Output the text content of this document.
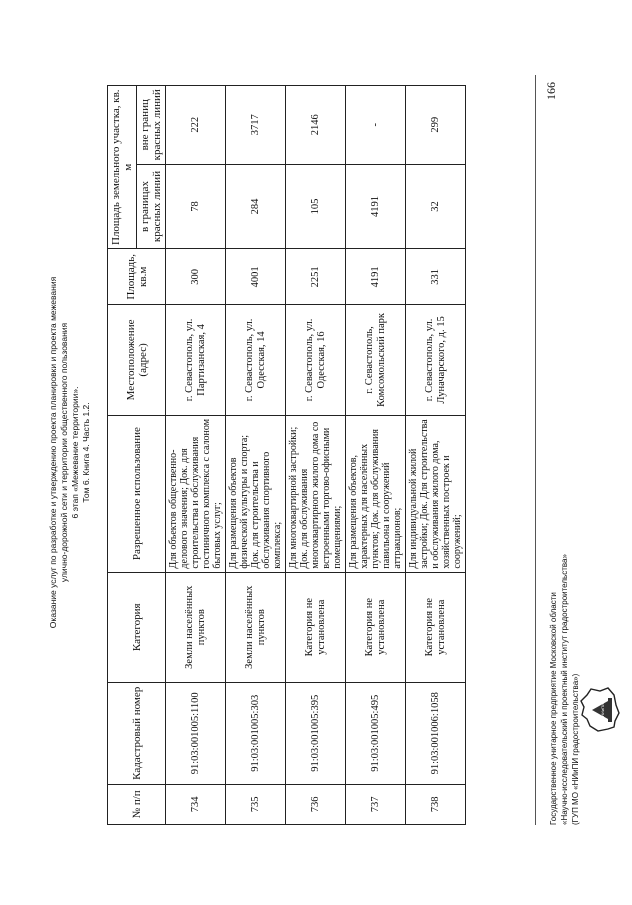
Оказание услуг по разработке и утверждению проекта планировки и проекта межевания улично-дорожной сети и территории общественного пользования 6 этап «Межевание территории». Том 6. Книга 4. Часть 1.2.
№ п/п	Кадастровый номер	Категория	Разрешенное использование	Местоположение (адрес)	Площадь, кв.м	Площадь земельного участка, кв. м	
						в границах красных линий	вне границ красных линий
734	91:03:001005:1100	Земли населённых пунктов	Для объектов общественно-делового значения; Док. для строительства и обслуживания гостиничного комплекса с салоном бытовых услуг;	г. Севастополь, ул. Партизанская, 4	300	78	222
735	91:03:001005:303	Земли населённых пунктов	Для размещения объектов физической культуры и спорта; Док. для строительства и обслуживания спортивного комплекса;	г. Севастополь, ул. Одесская, 14	4001	284	3717
736	91:03:001005:395	Категория не установлена	Для многоквартирной застройки; Док. для обслуживания многоквартирного жилого дома со встроенными торгово-офисными помещениями;	г. Севастополь, ул. Одесская, 16	2251	105	2146
737	91:03:001005:495	Категория не установлена	Для размещения объектов, характерных для населённых пунктов; Док. для обслуживания павильона и сооружений аттракционов;	г. Севастополь, Комсомольский парк	4191	4191	-
738	91:03:001006:1058	Категория не установлена	Для индивидуальной жилой застройки; Док. Для строительства и обслуживания жилого дома, хозяйственных построек и сооружений;	г. Севастополь, ул. Луначарского, д. 15	331	32	299
166
Государственное унитарное предприятие Московской области «Научно-исследовательский и проектный институт градостроительства» (ГУП МО «НИиПИ градостроительства»)	НИиПИ
